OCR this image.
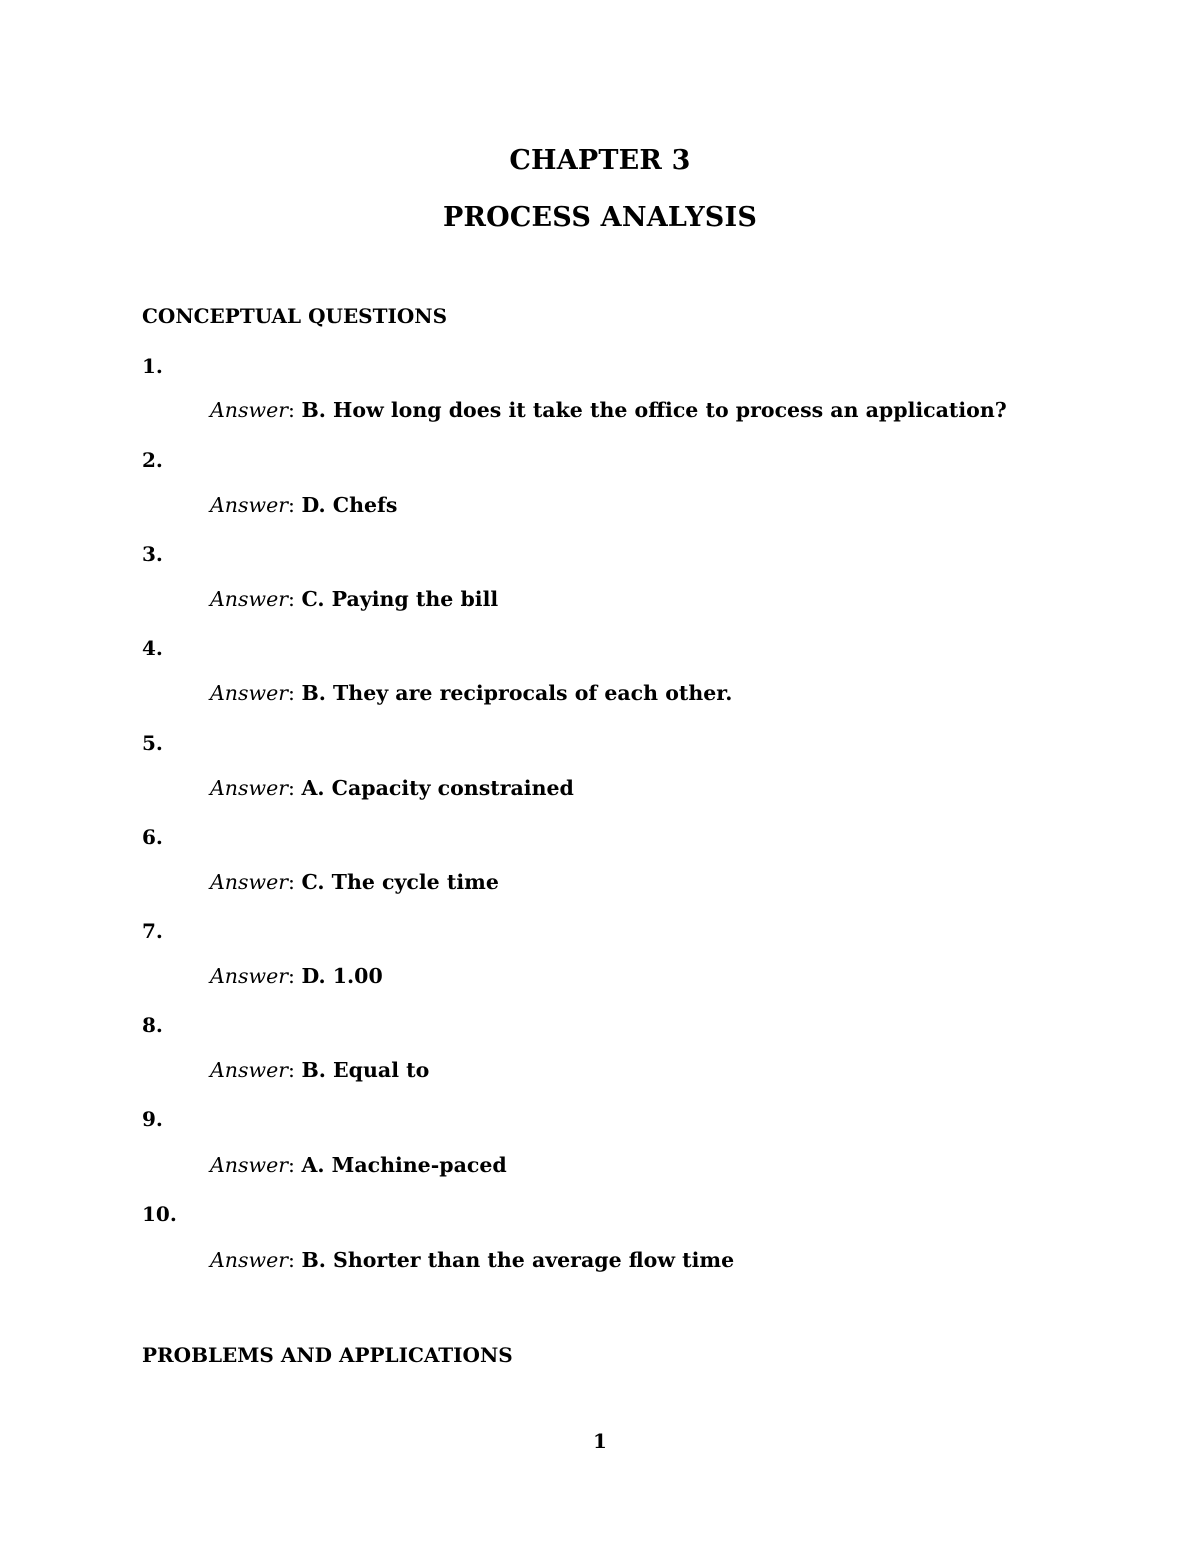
CHAPTER 3
PROCESS ANALYSIS
CONCEPTUAL QUESTIONS
1.
Answer: B. How long does it take the office to process an application?
2.
Answer: D. Chefs
3.
Answer: C. Paying the bill
4.
Answer: B. They are reciprocals of each other.
5.
Answer: A. Capacity constrained
6.
Answer: C. The cycle time
7.
Answer: D. 1.00
8.
Answer: B. Equal to
9.
Answer: A. Machine-paced
10.
Answer: B. Shorter than the average flow time
PROBLEMS AND APPLICATIONS
1
